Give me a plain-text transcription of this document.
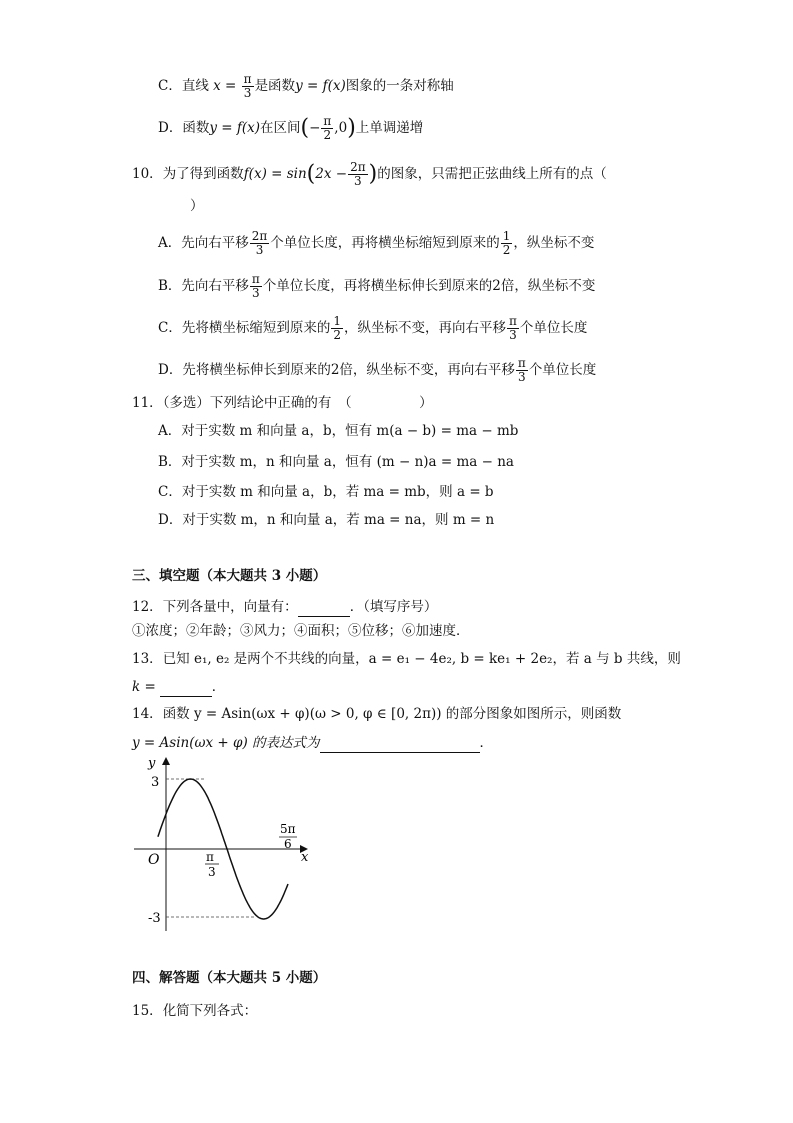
C．直线 $x = \frac{\pi}{3}$ 是函数y = f(x)图象的一条对称轴
D．函数y = f(x)在区间(− $\frac{\pi}{2} ,0$)上单调递增
10．为了得到函数$f(x) = \sin(2x - \frac{2\pi}{3}$ )的图象，只需把正弦曲线上所有的点（
）
A．先向右平移 $\frac{2\pi}{3}$ 个单位长度，再将横坐标缩短到原来的 $\frac{1}{2}$ ，纵坐标不变
B．先向右平移 $\frac{\pi}{3}$ 个单位长度，再将横坐标伸长到原来的2倍，纵坐标不变
C．先将横坐标缩短到原来的 $\frac{1}{2}$ ，纵坐标不变，再向右平移 $\frac{\pi}{3}$ 个单位长度
D．先将横坐标伸长到原来的2倍，纵坐标不变，再向右平移 $\frac{\pi}{3}$ 个单位长度
11．（多选）下列结论中正确的有　（　　　　　）
A．对于实数 m 和向量 a，b，恒有 m(a − b) = ma − mb
B．对于实数 m，n 和向量 a，恒有 (m − n)a = ma − na
C．对于实数 m 和向量 a，b，若 ma = mb，则 a = b
D．对于实数 m，n 和向量 a，若 ma = na，则 m = n
三、填空题（本大题共 3 小题）
12．下列各量中，向量有：	．（填写序号）
①浓度；②年龄；③风力；④面积；⑤位移；⑥加速度．
13．已知 e₁, e₂ 是两个不共线的向量，a = e₁ − 4e₂, b = ke₁ + 2e₂，若 a 与 b 共线，则
k =	．
14．函数 y = Asin(ωx + φ)(ω > 0, φ ∈ [0, 2π)) 的部分图象如图所示，则函数
y = Asin(ωx + φ) 的表达式为	．
y
x
O
3
-3
π
3
5π
6
四、解答题（本大题共 5 小题）
15．化简下列各式：
